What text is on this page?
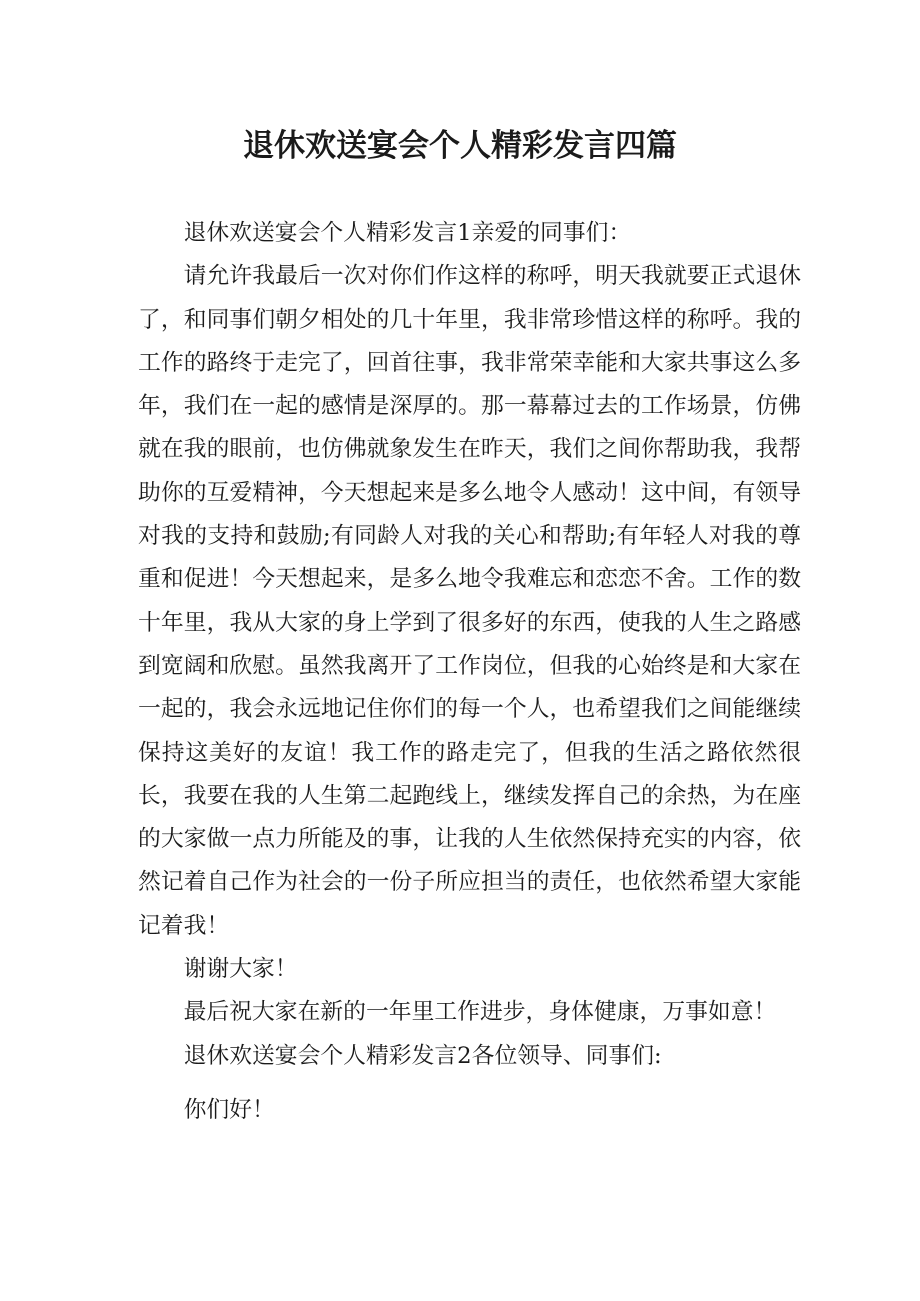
退休欢送宴会个人精彩发言四篇

退休欢送宴会个人精彩发言1亲爱的同事们：

请允许我最后一次对你们作这样的称呼，明天我就要正式退休了，和同事们朝夕相处的几十年里，我非常珍惜这样的称呼。我的工作的路终于走完了，回首往事，我非常荣幸能和大家共事这么多年，我们在一起的感情是深厚的。那一幕幕过去的工作场景，仿佛就在我的眼前，也仿佛就象发生在昨天，我们之间你帮助我，我帮助你的互爱精神，今天想起来是多么地令人感动！这中间，有领导对我的支持和鼓励;有同龄人对我的关心和帮助;有年轻人对我的尊重和促进！今天想起来，是多么地令我难忘和恋恋不舍。工作的数十年里，我从大家的身上学到了很多好的东西，使我的人生之路感到宽阔和欣慰。虽然我离开了工作岗位，但我的心始终是和大家在一起的，我会永远地记住你们的每一个人，也希望我们之间能继续保持这美好的友谊！我工作的路走完了，但我的生活之路依然很长，我要在我的人生第二起跑线上，继续发挥自己的余热，为在座的大家做一点力所能及的事，让我的人生依然保持充实的内容，依然记着自己作为社会的一份子所应担当的责任，也依然希望大家能记着我！

谢谢大家！

最后祝大家在新的一年里工作进步，身体健康，万事如意！

退休欢送宴会个人精彩发言2各位领导、同事们:

你们好！
